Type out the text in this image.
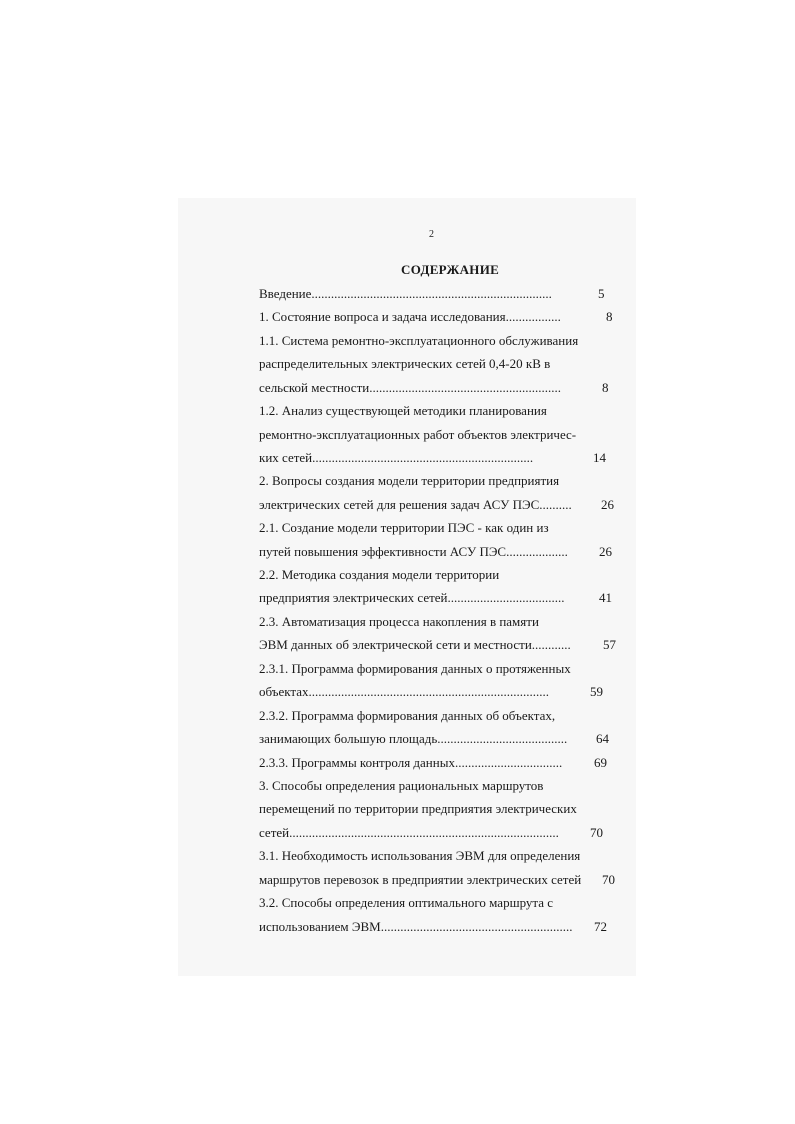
2
СОДЕРЖАНИЕ
Введение..........................................................................	5
1. Состояние вопроса и задача исследования.................	8
1.1. Система ремонтно-эксплуатационного обслуживания
распределительных электрических сетей 0,4-20 кВ в
сельской местности...........................................................	8
1.2. Анализ существующей методики планирования
ремонтно-эксплуатационных работ объектов электричес-
ких сетей....................................................................	14
2. Вопросы создания модели территории предприятия
электрических сетей для решения задач АСУ ПЭС.......... 26
2.1. Создание модели территории ПЭС - как один из
путей повышения эффективности АСУ ПЭС................... 26
2.2. Методика создания модели территории
предприятия электрических сетей....................................	41
2.3. Автоматизация процесса накопления в памяти
ЭВМ данных об электрической сети и местности............ 57
2.3.1. Программа формирования данных о протяженных
объектах..........................................................................	59
2.3.2. Программа формирования данных об объектах,
занимающих большую площадь........................................ 64
2.3.3. Программы контроля данных................................. 69
3. Способы определения рациональных маршрутов
перемещений по территории предприятия электрических
сетей................................................................................... 70
3.1. Необходимость использования ЭВМ для определения
маршрутов перевозок в предприятии электрических сетей 70
3.2. Способы определения оптимального маршрута с
использованием ЭВМ........................................................... 72
